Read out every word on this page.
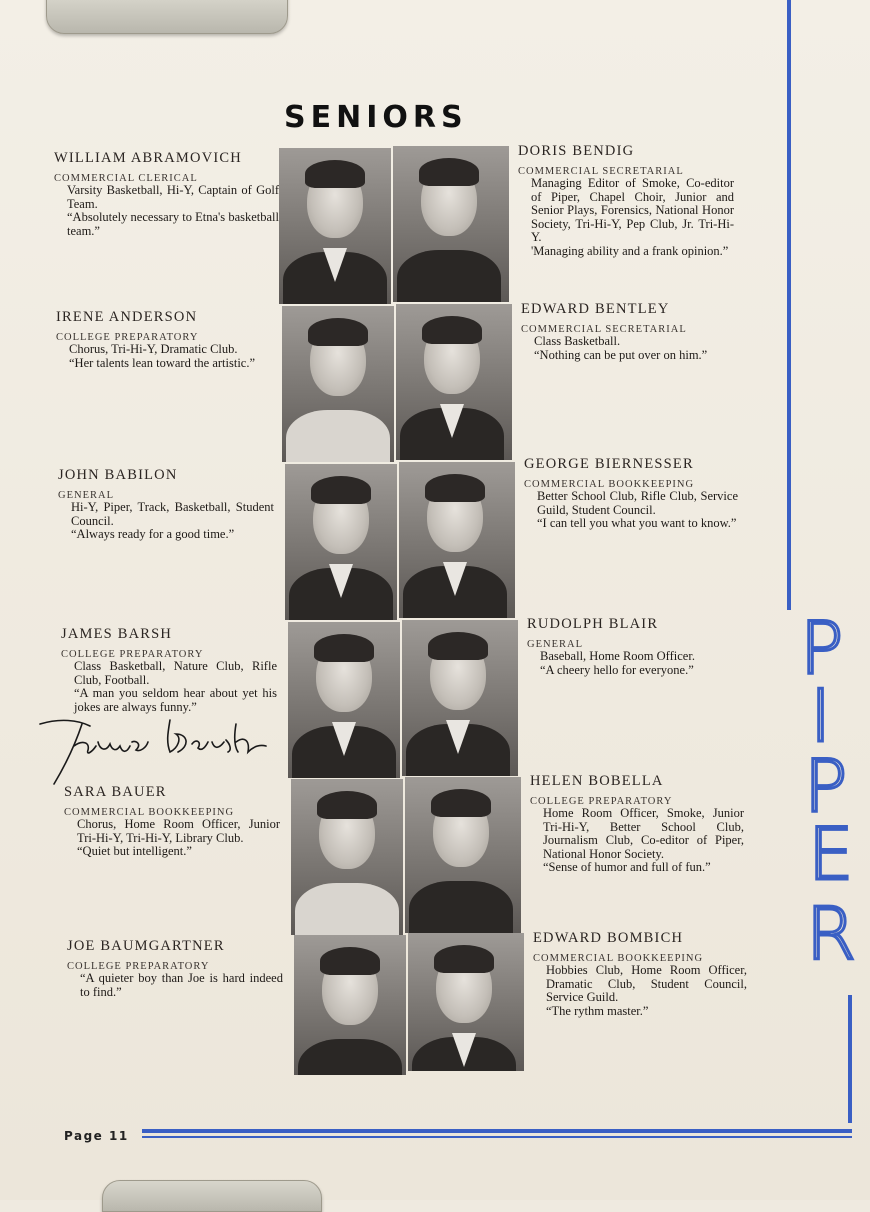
SENIORS
WILLIAM ABRAMOVICH
COMMERCIAL CLERICAL
Varsity Basketball, Hi-Y, Captain of Golf Team.
“Absolutely necessary to Etna's basketball team.”
IRENE ANDERSON
COLLEGE PREPARATORY
Chorus, Tri-Hi-Y, Dramatic Club.
“Her talents lean toward the artistic.”
JOHN BABILON
GENERAL
Hi-Y, Piper, Track, Basketball, Student Council.
“Always ready for a good time.”
JAMES BARSH
COLLEGE PREPARATORY
Class Basketball, Nature Club, Rifle Club, Football.
“A man you seldom hear about yet his jokes are always funny.”
SARA BAUER
COMMERCIAL BOOKKEEPING
Chorus, Home Room Officer, Junior Tri-Hi-Y, Tri-Hi-Y, Library Club.
“Quiet but intelligent.”
JOE BAUMGARTNER
COLLEGE PREPARATORY
“A quieter boy than Joe is hard indeed to find.”
DORIS BENDIG
COMMERCIAL SECRETARIAL
Managing Editor of Smoke, Co-editor of Piper, Chapel Choir, Junior and Senior Plays, Forensics, National Honor Society, Tri-Hi-Y, Pep Club, Jr. Tri-Hi-Y.
'Managing ability and a frank opinion.”
EDWARD BENTLEY
COMMERCIAL SECRETARIAL
Class Basketball.
“Nothing can be put over on him.”
GEORGE BIERNESSER
COMMERCIAL BOOKKEEPING
Better School Club, Rifle Club, Service Guild, Student Council.
“I can tell you what you want to know.”
RUDOLPH BLAIR
GENERAL
Baseball, Home Room Officer.
“A cheery hello for everyone.”
HELEN BOBELLA
COLLEGE PREPARATORY
Home Room Officer, Smoke, Junior Tri-Hi-Y, Better School Club, Journalism Club, Co-editor of Piper, National Honor Society.
“Sense of humor and full of fun.”
EDWARD BOMBICH
COMMERCIAL BOOKKEEPING
Hobbies Club, Home Room Officer, Dramatic Club, Student Council, Service Guild.
“The rythm master.”
P
I
P
E
R
Page 11
